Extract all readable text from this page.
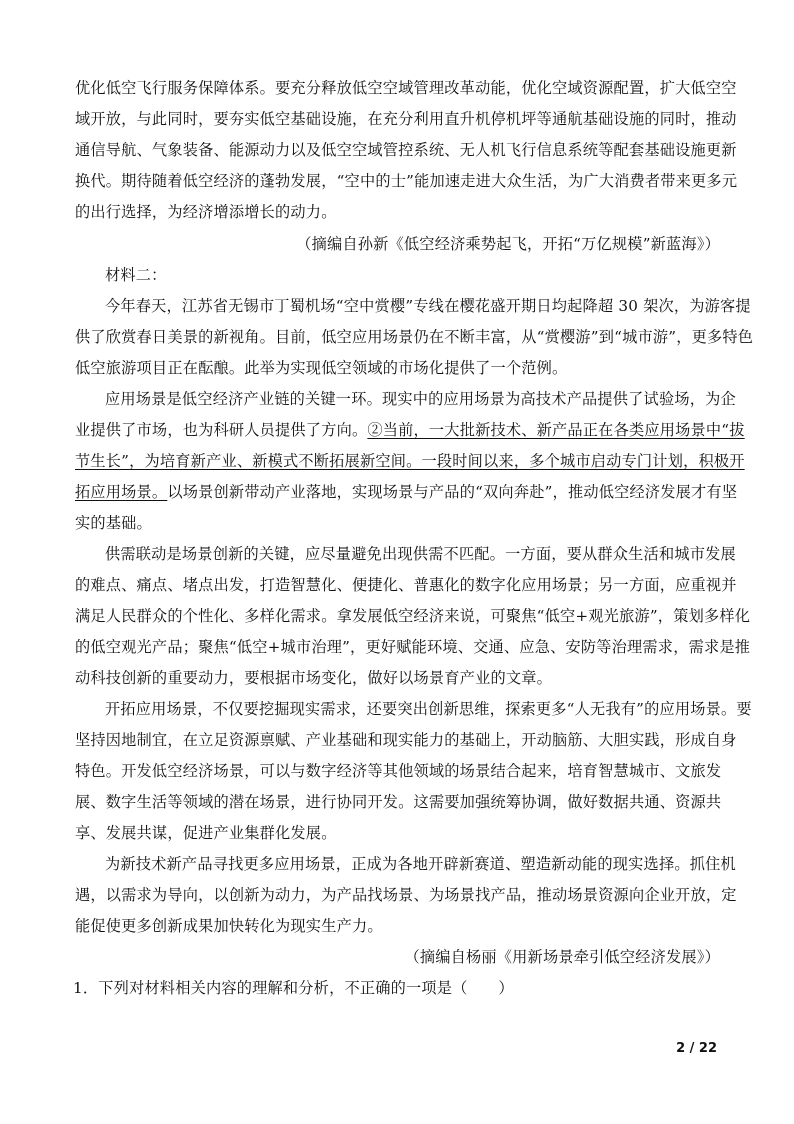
优化低空飞行服务保障体系。要充分释放低空空域管理改革动能，优化空域资源配置，扩大低空空
域开放，与此同时，要夯实低空基础设施，在充分利用直升机停机坪等通航基础设施的同时，推动
通信导航、气象装备、能源动力以及低空空域管控系统、无人机飞行信息系统等配套基础设施更新
换代。期待随着低空经济的蓬勃发展，“空中的士”能加速走进大众生活，为广大消费者带来更多元
的出行选择，为经济增添增长的动力。
（摘编自孙新《低空经济乘势起飞，开拓“万亿规模”新蓝海》）
材料二：
今年春天，江苏省无锡市丁蜀机场“空中赏樱”专线在樱花盛开期日均起降超 30 架次，为游客提
供了欣赏春日美景的新视角。目前，低空应用场景仍在不断丰富，从“赏樱游”到“城市游”，更多特色
低空旅游项目正在酝酿。此举为实现低空领域的市场化提供了一个范例。
应用场景是低空经济产业链的关键一环。现实中的应用场景为高技术产品提供了试验场，为企
业提供了市场，也为科研人员提供了方向。②当前，一大批新技术、新产品正在各类应用场景中“拔
节生长”，为培育新产业、新模式不断拓展新空间。一段时间以来，多个城市启动专门计划，积极开
拓应用场景。以场景创新带动产业落地，实现场景与产品的“双向奔赴”，推动低空经济发展才有坚
实的基础。
供需联动是场景创新的关键，应尽量避免出现供需不匹配。一方面，要从群众生活和城市发展
的难点、痛点、堵点出发，打造智慧化、便捷化、普惠化的数字化应用场景；另一方面，应重视并
满足人民群众的个性化、多样化需求。拿发展低空经济来说，可聚焦“低空+观光旅游”，策划多样化
的低空观光产品；聚焦“低空+城市治理”，更好赋能环境、交通、应急、安防等治理需求，需求是推
动科技创新的重要动力，要根据市场变化，做好以场景育产业的文章。
开拓应用场景，不仅要挖掘现实需求，还要突出创新思维，探索更多“人无我有”的应用场景。要
坚持因地制宜，在立足资源禀赋、产业基础和现实能力的基础上，开动脑筋、大胆实践，形成自身
特色。开发低空经济场景，可以与数字经济等其他领域的场景结合起来，培育智慧城市、文旅发
展、数字生活等领域的潜在场景，进行协同开发。这需要加强统筹协调，做好数据共通、资源共
享、发展共谋，促进产业集群化发展。
为新技术新产品寻找更多应用场景，正成为各地开辟新赛道、塑造新动能的现实选择。抓住机
遇，以需求为导向，以创新为动力，为产品找场景、为场景找产品，推动场景资源向企业开放，定
能促使更多创新成果加快转化为现实生产力。
（摘编自杨丽《用新场景牵引低空经济发展》）
1．下列对材料相关内容的理解和分析，不正确的一项是（　　）
2 / 22
